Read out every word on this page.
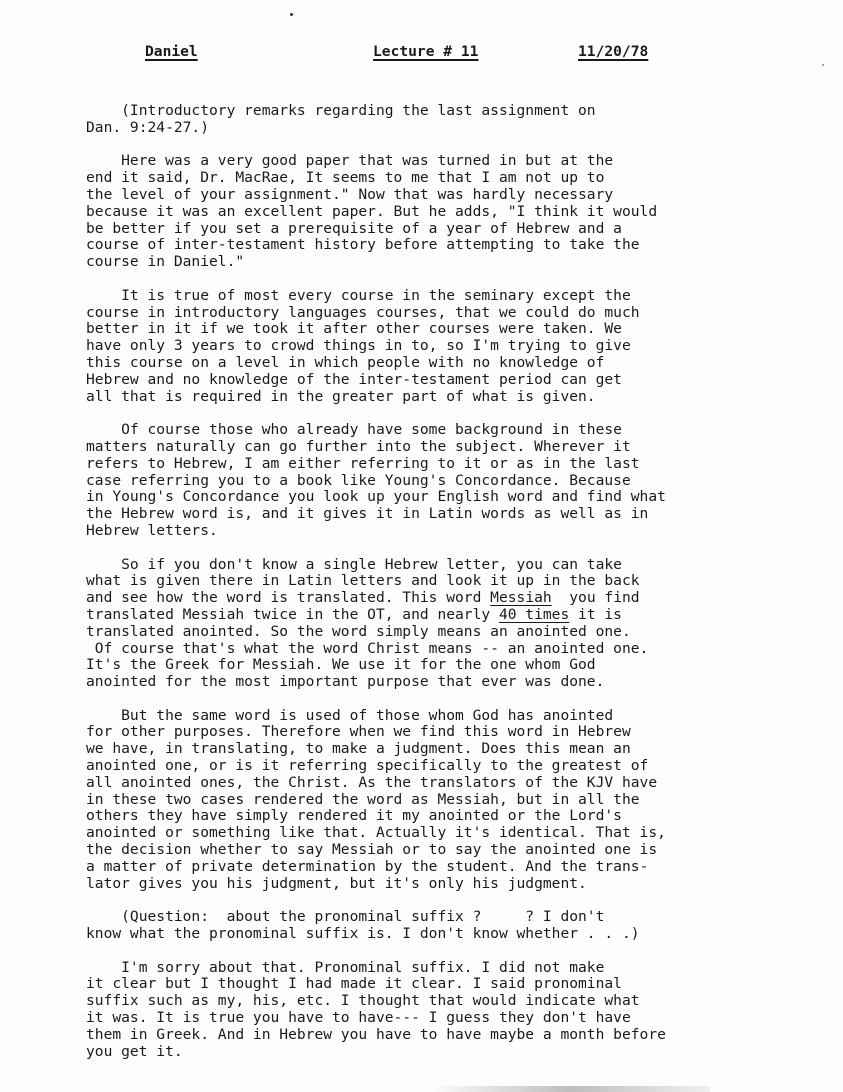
Daniel	Lecture # 11	11/20/78
(Introductory remarks regarding the last assignment on
Dan. 9:24-27.)
Here was a very good paper that was turned in but at the
end it said, Dr. MacRae, It seems to me that I am not up to
the level of your assignment." Now that was hardly necessary
because it was an excellent paper. But he adds, "I think it would
be better if you set a prerequisite of a year of Hebrew and a
course of inter-testament history before attempting to take the
course in Daniel."
It is true of most every course in the seminary except the
course in introductory languages courses, that we could do much
better in it if we took it after other courses were taken. We
have only 3 years to crowd things in to, so I'm trying to give
this course on a level in which people with no knowledge of
Hebrew and no knowledge of the inter-testament period can get
all that is required in the greater part of what is given.
Of course those who already have some background in these
matters naturally can go further into the subject. Wherever it
refers to Hebrew, I am either referring to it or as in the last
case referring you to a book like Young's Concordance. Because
in Young's Concordance you look up your English word and find what
the Hebrew word is, and it gives it in Latin words as well as in
Hebrew letters.
So if you don't know a single Hebrew letter, you can take
what is given there in Latin letters and look it up in the back
and see how the word is translated. This word Messiah  you find
translated Messiah twice in the OT, and nearly 40 times it is
translated anointed. So the word simply means an anointed one.
Of course that's what the word Christ means -- an anointed one.
It's the Greek for Messiah. We use it for the one whom God
anointed for the most important purpose that ever was done.
But the same word is used of those whom God has anointed
for other purposes. Therefore when we find this word in Hebrew
we have, in translating, to make a judgment. Does this mean an
anointed one, or is it referring specifically to the greatest of
all anointed ones, the Christ. As the translators of the KJV have
in these two cases rendered the word as Messiah, but in all the
others they have simply rendered it my anointed or the Lord's
anointed or something like that. Actually it's identical. That is,
the decision whether to say Messiah or to say the anointed one is
a matter of private determination by the student. And the trans-
lator gives you his judgment, but it's only his judgment.
(Question:  about the pronominal suffix ?     ? I don't
know what the pronominal suffix is. I don't know whether . . .)
I'm sorry about that. Pronominal suffix. I did not make
it clear but I thought I had made it clear. I said pronominal
suffix such as my, his, etc. I thought that would indicate what
it was. It is true you have to have--- I guess they don't have
them in Greek. And in Hebrew you have to have maybe a month before
you get it.
